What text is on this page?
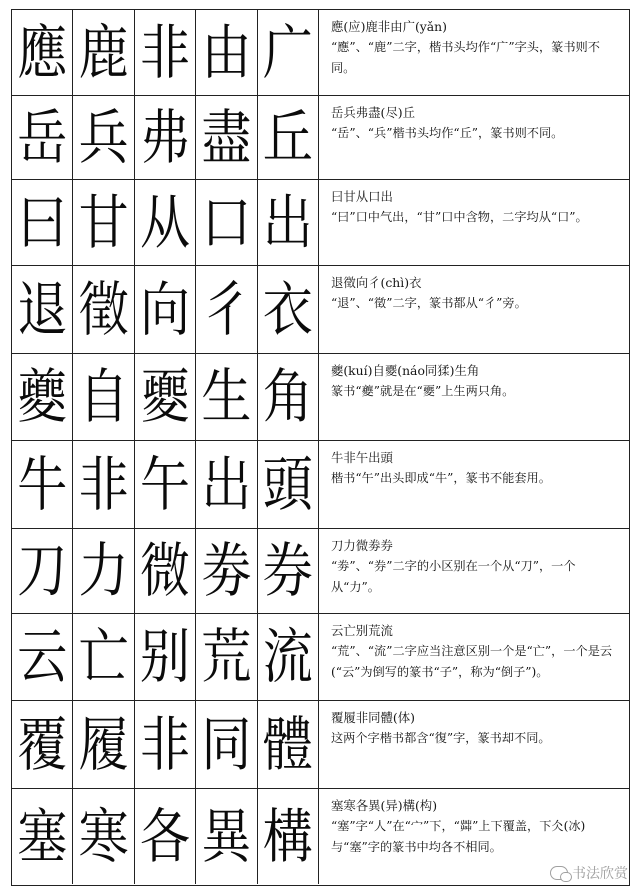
應 鹿 非 由 广 應(应)鹿非由广(yǎn)
“應”、“鹿”二字，楷书头均作“广”字头，篆书则不同。
岳 兵 弗 盡 丘 岳兵弗盡(尽)丘
“岳”、“兵”楷书头均作“丘”，篆书则不同。
曰 甘 从 口 出 曰甘从口出
“曰”口中气出，“甘”口中含物，二字均从“口”。
退 徵 向 彳 衣 退徵向彳(chì)衣
“退”、“徵”二字，篆书都从“彳”旁。
夔 自 夒 生 角 夔(kuí)自夒(náo同猱)生角
篆书“夔”就是在“夒”上生两只角。
牛 非 午 出 頭 牛非午出頭
楷书“午”出头即成“牛”，篆书不能套用。
刀 力 微 劵 券 刀力微劵券
“劵”、“券”二字的小区别在一个从“刀”，一个从“力”。
云 亡 别 荒 流 云亡别荒流
“荒”、“流”二字应当注意区别一个是“亡”，一个是云(“云”为倒写的篆书“子”，称为“倒子”)。
覆 履 非 同 體 覆履非同體(体)
这两个字楷书都含“復”字，篆书却不同。
塞 寒 各 異 構 塞寒各異(异)構(构)
“塞”字“人”在“宀”下，“茻”上下覆盖，下仌(冰)与“塞”字的篆书中均各不相同。
书法欣赏
